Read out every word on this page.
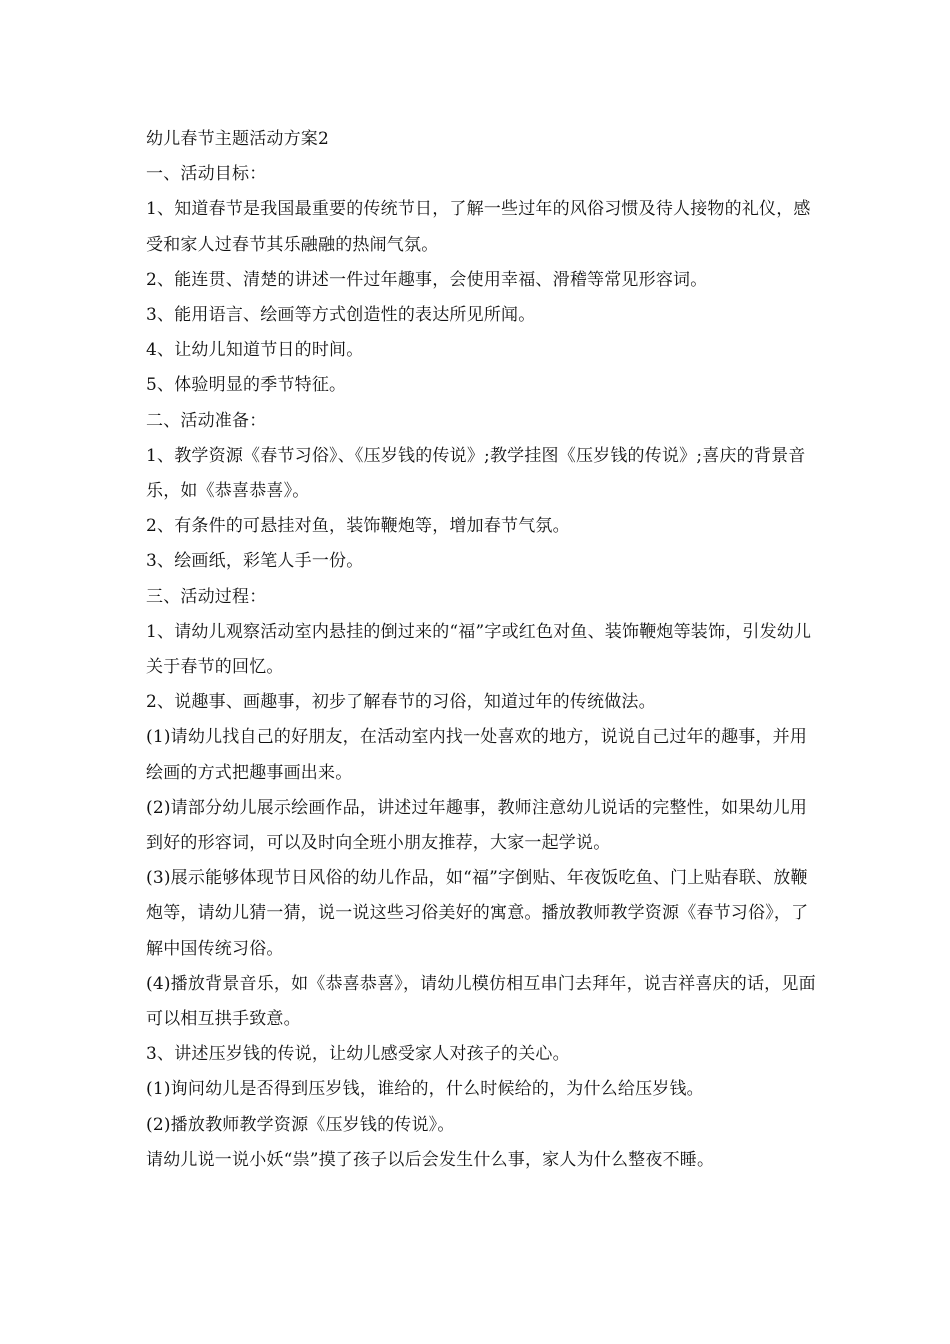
幼儿春节主题活动方案2

一、活动目标：

1、知道春节是我国最重要的传统节日，了解一些过年的风俗习惯及待人接物的礼仪，感受和家人过春节其乐融融的热闹气氛。

2、能连贯、清楚的讲述一件过年趣事，会使用幸福、滑稽等常见形容词。

3、能用语言、绘画等方式创造性的表达所见所闻。

4、让幼儿知道节日的时间。

5、体验明显的季节特征。

二、活动准备：

1、教学资源《春节习俗》、《压岁钱的传说》;教学挂图《压岁钱的传说》;喜庆的背景音乐，如《恭喜恭喜》。

2、有条件的可悬挂对鱼，装饰鞭炮等，增加春节气氛。

3、绘画纸，彩笔人手一份。

三、活动过程：

1、请幼儿观察活动室内悬挂的倒过来的“福”字或红色对鱼、装饰鞭炮等装饰，引发幼儿关于春节的回忆。

2、说趣事、画趣事，初步了解春节的习俗，知道过年的传统做法。

(1)请幼儿找自己的好朋友，在活动室内找一处喜欢的地方，说说自己过年的趣事，并用绘画的方式把趣事画出来。

(2)请部分幼儿展示绘画作品，讲述过年趣事，教师注意幼儿说话的完整性，如果幼儿用到好的形容词，可以及时向全班小朋友推荐，大家一起学说。

(3)展示能够体现节日风俗的幼儿作品，如“福”字倒贴、年夜饭吃鱼、门上贴春联、放鞭炮等，请幼儿猜一猜，说一说这些习俗美好的寓意。播放教师教学资源《春节习俗》，了解中国传统习俗。

(4)播放背景音乐，如《恭喜恭喜》，请幼儿模仿相互串门去拜年，说吉祥喜庆的话，见面可以相互拱手致意。

3、讲述压岁钱的传说，让幼儿感受家人对孩子的关心。

(1)询问幼儿是否得到压岁钱，谁给的，什么时候给的，为什么给压岁钱。

(2)播放教师教学资源《压岁钱的传说》。

请幼儿说一说小妖“祟”摸了孩子以后会发生什么事，家人为什么整夜不睡。
